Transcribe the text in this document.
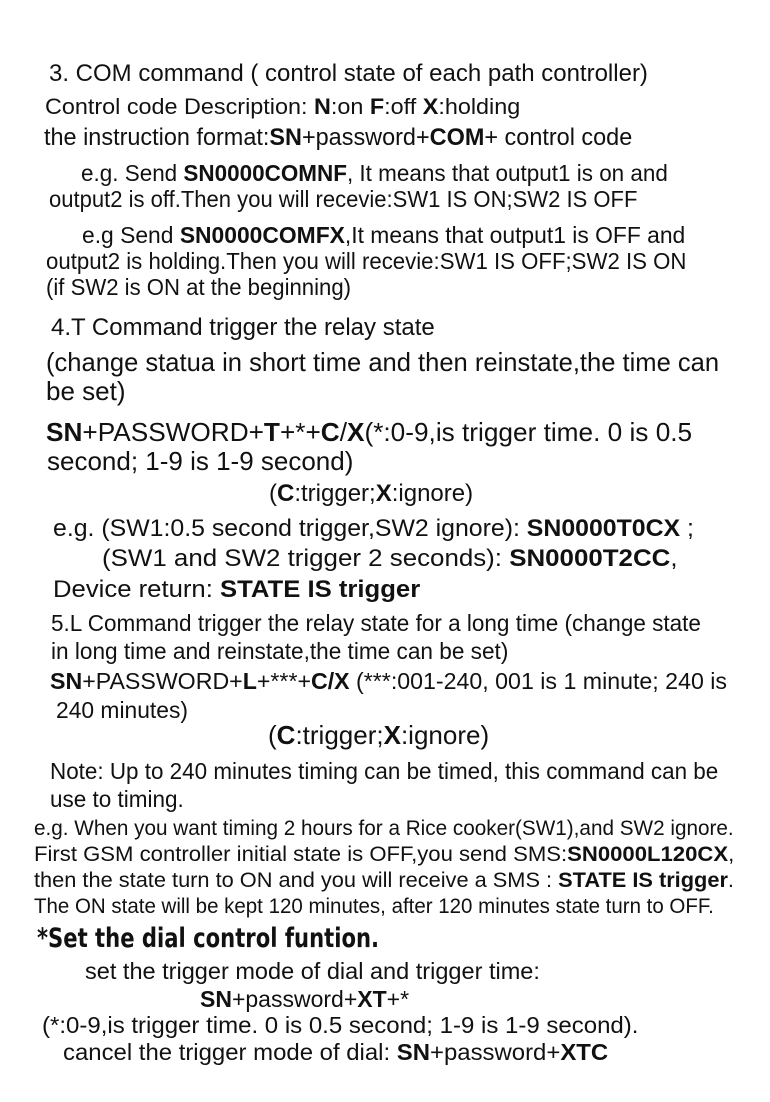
3. COM command ( control state of each path controller)
Control code Description: N:on F:off X:holding
the instruction format:SN+password+COM+ control code
e.g. Send SN0000COMNF, It means that output1 is on and
output2 is off.Then you will recevie:SW1 IS ON;SW2 IS OFF
e.g Send SN0000COMFX,It means that output1 is OFF and
output2 is holding.Then you will recevie:SW1 IS OFF;SW2 IS ON
(if SW2 is ON at the beginning)
4.T Command trigger the relay state
(change statua in short time and then reinstate,the time can
be set)
SN+PASSWORD+T+*+C/X(*:0-9,is trigger time. 0 is 0.5
second; 1-9 is 1-9 second)
(C:trigger;X:ignore)
e.g. (SW1:0.5 second trigger,SW2 ignore): SN0000T0CX ;
(SW1 and SW2 trigger 2 seconds): SN0000T2CC,
Device return: STATE IS trigger
5.L Command trigger the relay state for a long time (change state
in long time and reinstate,the time can be set)
SN+PASSWORD+L+***+C/X (***:001-240, 001 is 1 minute; 240 is
240 minutes)
(C:trigger;X:ignore)
Note: Up to 240 minutes timing can be timed, this command can be
use to timing.
e.g. When you want timing 2 hours for a Rice cooker(SW1),and SW2 ignore.
First GSM controller initial state is OFF,you send SMS:SN0000L120CX,
then the state turn to ON and you will receive a SMS : STATE IS trigger.
The ON state will be kept 120 minutes, after 120 minutes state turn to OFF.
*Set the dial control funtion.
set the trigger mode of dial and trigger time:
SN+password+XT+*
(*:0-9,is trigger time. 0 is 0.5 second; 1-9 is 1-9 second).
cancel the trigger mode of dial: SN+password+XTC
